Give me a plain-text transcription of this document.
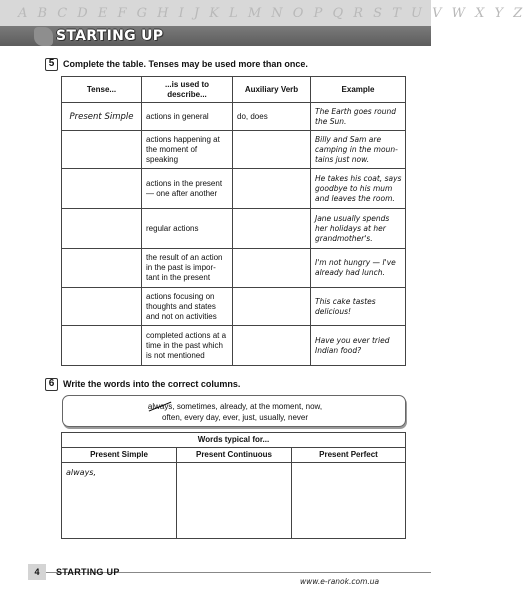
A B C D E F G H I J K L M N O P Q R S T U V W X Y Z
STARTING UP
5 Complete the table. Tenses may be used more than once.
Tense...	...is used to describe...	Auxiliary Verb	Example
Present Simple	actions in general	do, does	The Earth goes round the Sun.
	actions happening at the moment of speaking		Billy and Sam are camping in the moun-tains just now.
	actions in the present — one after another		He takes his coat, says goodbye to his mum and leaves the room.
	regular actions		Jane usually spends her holidays at her grandmother's.
	the result of an action in the past is impor-tant in the present		I'm not hungry — I've already had lunch.
	actions focusing on thoughts and states and not on activities		This cake tastes delicious!
	completed actions at a time in the past which is not mentioned		Have you ever tried Indian food?
6 Write the words into the correct columns.

always, sometimes, already, at the moment, now,

often, every day, ever, just, usually, never

Words typical for...		
Present Simple	Present Continuous	Present Perfect
always,		
4	STARTING UP
www.e-ranok.com.ua
